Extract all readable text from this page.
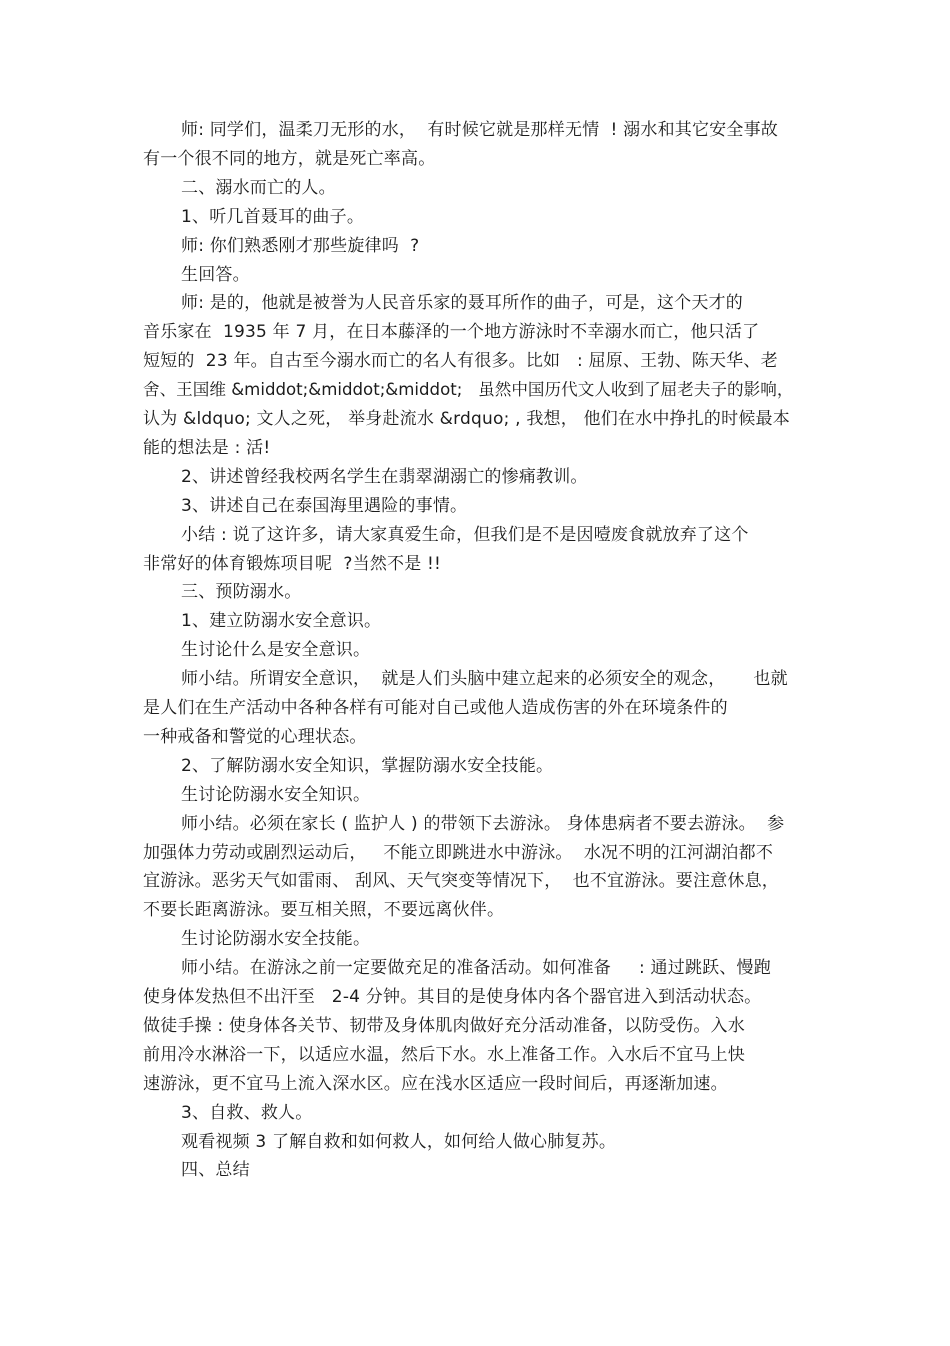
师: 同学们，温柔刀无形的水，  有时候它就是那样无情  ! 溺水和其它安全事故
有一个很不同的地方，就是死亡率高。
二、溺水而亡的人。
1、听几首聂耳的曲子。
师: 你们熟悉刚才那些旋律吗  ?
生回答。
师: 是的，他就是被誉为人民音乐家的聂耳所作的曲子，可是，这个天才的
音乐家在  1935 年 7 月，在日本藤泽的一个地方游泳时不幸溺水而亡，他只活了
短短的  23 年。自古至今溺水而亡的名人有很多。比如   : 屈原、王勃、陈天华、老
舍、王国维 &middot;&middot;&middot;   虽然中国历代文人收到了屈老夫子的影响，
认为 &ldquo; 文人之死， 举身赴流水 &rdquo; , 我想， 他们在水中挣扎的时候最本
能的想法是 : 活!
2、讲述曾经我校两名学生在翡翠湖溺亡的惨痛教训。
3、讲述自己在泰国海里遇险的事情。
小结 : 说了这许多，请大家真爱生命，但我们是不是因噎废食就放弃了这个
非常好的体育锻炼项目呢  ?当然不是 !!
三、预防溺水。
1、建立防溺水安全意识。
生讨论什么是安全意识。
师小结。所谓安全意识，  就是人们头脑中建立起来的必须安全的观念，     也就
是人们在生产活动中各种各样有可能对自己或他人造成伤害的外在环境条件的
一种戒备和警觉的心理状态。
2、了解防溺水安全知识，掌握防溺水安全技能。
生讨论防溺水安全知识。
师小结。必须在家长 ( 监护人 ) 的带领下去游泳。 身体患病者不要去游泳。  参
加强体力劳动或剧烈运动后，   不能立即跳进水中游泳。  水况不明的江河湖泊都不
宜游泳。恶劣天气如雷雨、 刮风、天气突变等情况下，  也不宜游泳。要注意休息，
不要长距离游泳。要互相关照，不要远离伙伴。
生讨论防溺水安全技能。
师小结。在游泳之前一定要做充足的准备活动。如何准备     : 通过跳跃、慢跑
使身体发热但不出汗至   2-4 分钟。其目的是使身体内各个器官进入到活动状态。
做徒手操 : 使身体各关节、韧带及身体肌肉做好充分活动准备，以防受伤。入水
前用冷水淋浴一下，以适应水温，然后下水。水上准备工作。入水后不宜马上快
速游泳，更不宜马上流入深水区。应在浅水区适应一段时间后，再逐渐加速。
3、自救、救人。
观看视频 3 了解自救和如何救人，如何给人做心肺复苏。
四、总结
